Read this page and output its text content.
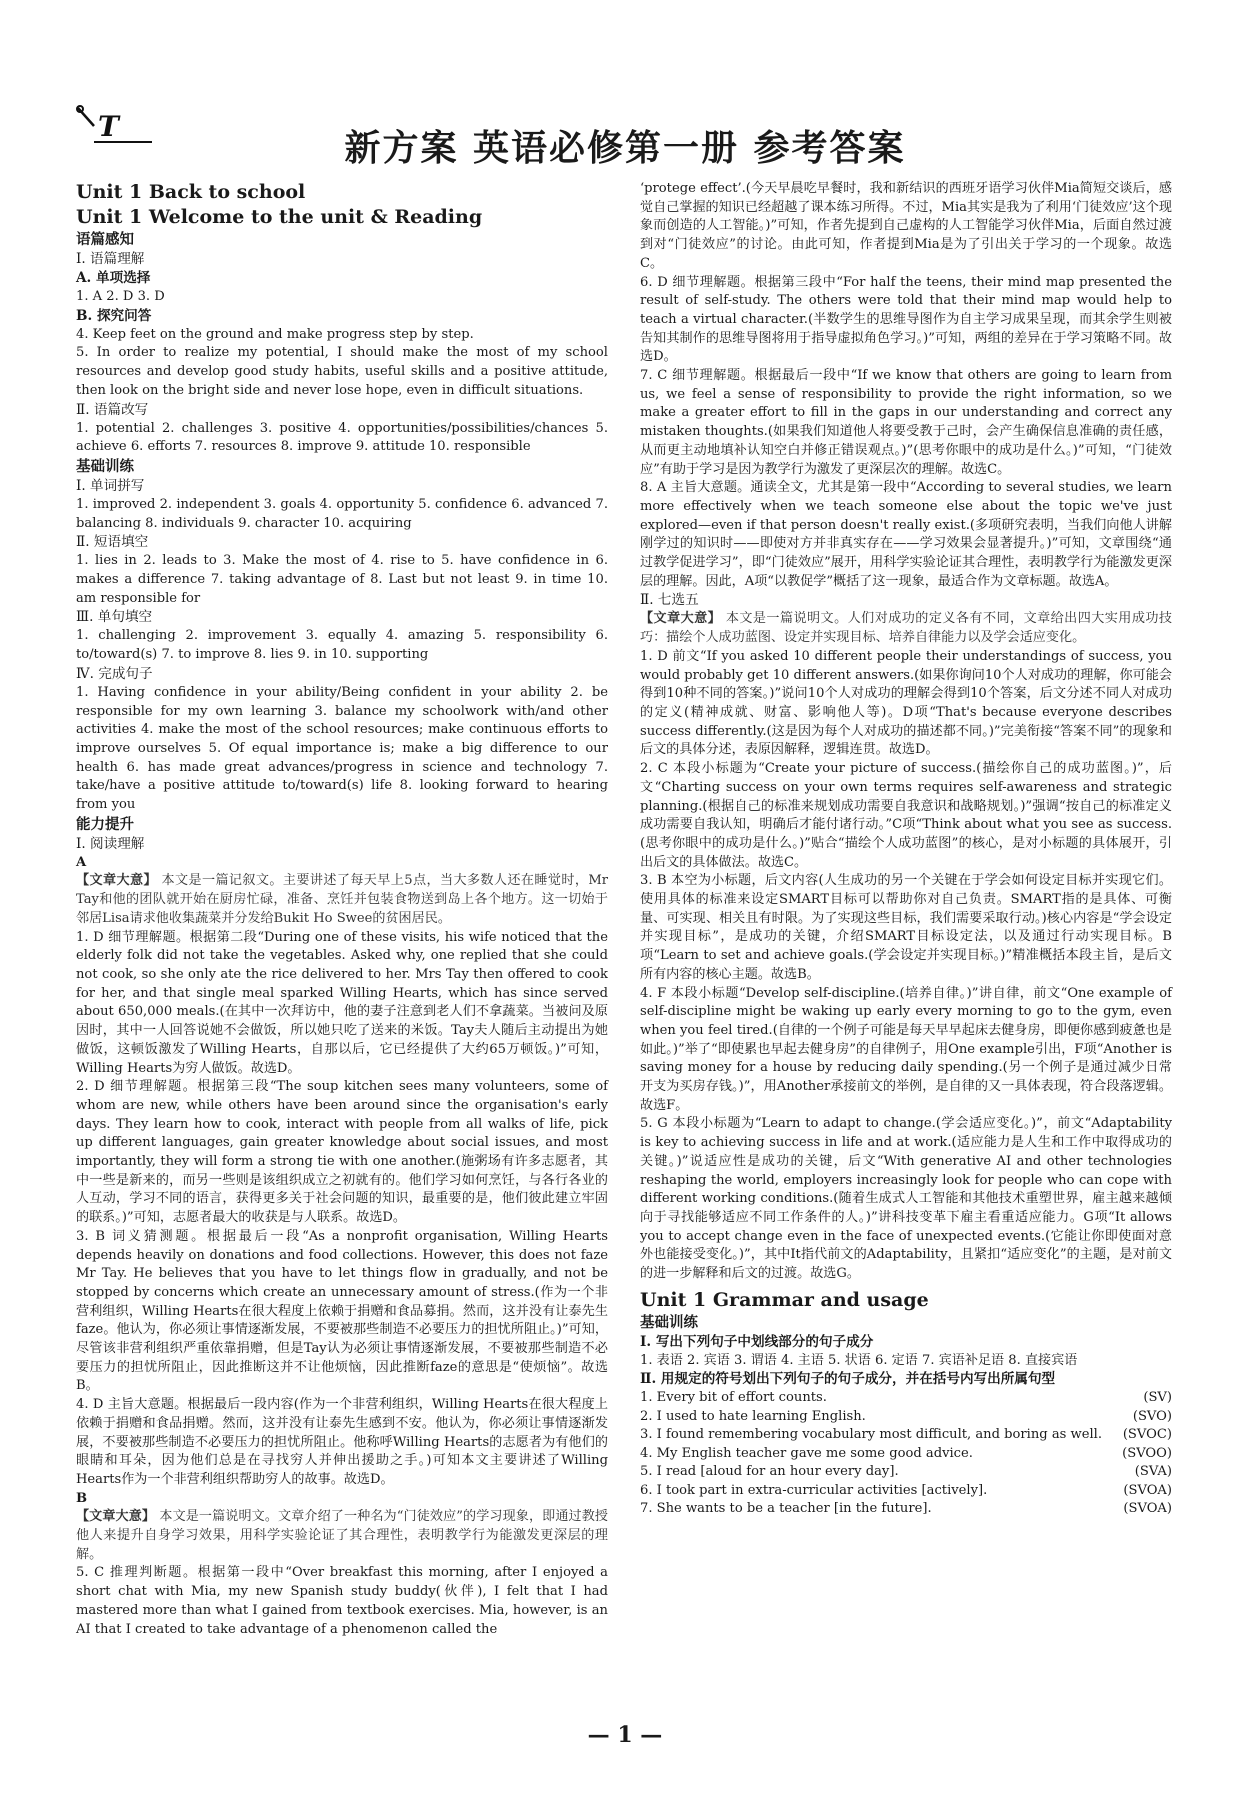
T
新方案 英语必修第一册 参考答案

Unit 1 Back to school

Unit 1 Welcome to the unit & Reading

语篇感知

Ⅰ. 语篇理解

A. 单项选择

1. A 2. D 3. D

B. 探究问答

4. Keep feet on the ground and make progress step by step.

5. In order to realize my potential, I should make the most of my school resources and develop good study habits, useful skills and a positive attitude, then look on the bright side and never lose hope, even in difficult situations.

Ⅱ. 语篇改写

1. potential 2. challenges 3. positive 4. opportunities/possibilities/chances 5. achieve 6. efforts 7. resources 8. improve 9. attitude 10. responsible

基础训练

Ⅰ. 单词拼写

1. improved 2. independent 3. goals 4. opportunity 5. confidence 6. advanced 7. balancing 8. individuals 9. character 10. acquiring

Ⅱ. 短语填空

1. lies in 2. leads to 3. Make the most of 4. rise to 5. have confidence in 6. makes a difference 7. taking advantage of 8. Last but not least 9. in time 10. am responsible for

Ⅲ. 单句填空

1. challenging 2. improvement 3. equally 4. amazing 5. responsibility 6. to/toward(s) 7. to improve 8. lies 9. in 10. supporting

Ⅳ. 完成句子

1. Having confidence in your ability/Being confident in your ability 2. be responsible for my own learning 3. balance my schoolwork with/and other activities 4. make the most of the school resources; make continuous efforts to improve ourselves 5. Of equal importance is; make a big difference to our health 6. has made great advances/progress in science and technology 7. take/have a positive attitude to/toward(s) life 8. looking forward to hearing from you

能力提升

Ⅰ. 阅读理解

A

【文章大意】 本文是一篇记叙文。主要讲述了每天早上5点，当大多数人还在睡觉时，Mr Tay和他的团队就开始在厨房忙碌，准备、烹饪并包装食物送到岛上各个地方。这一切始于邻居Lisa请求他收集蔬菜并分发给Bukit Ho Swee的贫困居民。

1. D 细节理解题。根据第二段“During one of these visits, his wife noticed that the elderly folk did not take the vegetables. Asked why, one replied that she could not cook, so she only ate the rice delivered to her. Mrs Tay then offered to cook for her, and that single meal sparked Willing Hearts, which has since served about 650,000 meals.(在其中一次拜访中，他的妻子注意到老人们不拿蔬菜。当被问及原因时，其中一人回答说她不会做饭，所以她只吃了送来的米饭。Tay夫人随后主动提出为她做饭，这顿饭激发了Willing Hearts，自那以后，它已经提供了大约65万顿饭。)”可知，Willing Hearts为穷人做饭。故选D。

2. D 细节理解题。根据第三段“The soup kitchen sees many volunteers, some of whom are new, while others have been around since the organisation's early days. They learn how to cook, interact with people from all walks of life, pick up different languages, gain greater knowledge about social issues, and most importantly, they will form a strong tie with one another.(施粥场有许多志愿者，其中一些是新来的，而另一些则是该组织成立之初就有的。他们学习如何烹饪，与各行各业的人互动，学习不同的语言，获得更多关于社会问题的知识，最重要的是，他们彼此建立牢固的联系。)”可知，志愿者最大的收获是与人联系。故选D。

3. B 词义猜测题。根据最后一段“As a nonprofit organisation, Willing Hearts depends heavily on donations and food collections. However, this does not faze Mr Tay. He believes that you have to let things flow in gradually, and not be stopped by concerns which create an unnecessary amount of stress.(作为一个非营利组织，Willing Hearts在很大程度上依赖于捐赠和食品募捐。然而，这并没有让泰先生faze。他认为，你必须让事情逐渐发展，不要被那些制造不必要压力的担忧所阻止。)”可知，尽管该非营利组织严重依靠捐赠，但是Tay认为必须让事情逐渐发展，不要被那些制造不必要压力的担忧所阻止，因此推断这并不让他烦恼，因此推断faze的意思是“使烦恼”。故选B。

4. D 主旨大意题。根据最后一段内容(作为一个非营利组织，Willing Hearts在很大程度上依赖于捐赠和食品捐赠。然而，这并没有让泰先生感到不安。他认为，你必须让事情逐渐发展，不要被那些制造不必要压力的担忧所阻止。他称呼Willing Hearts的志愿者为有他们的眼睛和耳朵，因为他们总是在寻找穷人并伸出援助之手。)可知本文主要讲述了Willing Hearts作为一个非营利组织帮助穷人的故事。故选D。

B

【文章大意】 本文是一篇说明文。文章介绍了一种名为“门徒效应”的学习现象，即通过教授他人来提升自身学习效果，用科学实验论证了其合理性，表明教学行为能激发更深层的理解。

5. C 推理判断题。根据第一段中“Over breakfast this morning, after I enjoyed a short chat with Mia, my new Spanish study buddy(伙伴), I felt that I had mastered more than what I gained from textbook exercises. Mia, however, is an AI that I created to take advantage of a phenomenon called the

‘protege effect’.(今天早晨吃早餐时，我和新结识的西班牙语学习伙伴Mia简短交谈后，感觉自己掌握的知识已经超越了课本练习所得。不过，Mia其实是我为了利用‘门徒效应’这个现象而创造的人工智能。)”可知，作者先提到自己虚构的人工智能学习伙伴Mia，后面自然过渡到对“门徒效应”的讨论。由此可知，作者提到Mia是为了引出关于学习的一个现象。故选C。

6. D 细节理解题。根据第三段中“For half the teens, their mind map presented the result of self-study. The others were told that their mind map would help to teach a virtual character.(半数学生的思维导图作为自主学习成果呈现，而其余学生则被告知其制作的思维导图将用于指导虚拟角色学习。)”可知，两组的差异在于学习策略不同。故选D。

7. C 细节理解题。根据最后一段中“If we know that others are going to learn from us, we feel a sense of responsibility to provide the right information, so we make a greater effort to fill in the gaps in our understanding and correct any mistaken thoughts.(如果我们知道他人将要受教于己时，会产生确保信息准确的责任感，从而更主动地填补认知空白并修正错误观点。)”(思考你眼中的成功是什么。)”可知，“门徒效应”有助于学习是因为教学行为激发了更深层次的理解。故选C。

8. A 主旨大意题。通读全文，尤其是第一段中“According to several studies, we learn more effectively when we teach someone else about the topic we've just explored—even if that person doesn't really exist.(多项研究表明，当我们向他人讲解刚学过的知识时——即使对方并非真实存在——学习效果会显著提升。)”可知，文章围绕“通过教学促进学习”，即“门徒效应”展开，用科学实验论证其合理性，表明教学行为能激发更深层的理解。因此，A项“以教促学”概括了这一现象，最适合作为文章标题。故选A。

Ⅱ. 七选五

【文章大意】 本文是一篇说明文。人们对成功的定义各有不同，文章给出四大实用成功技巧：描绘个人成功蓝图、设定并实现目标、培养自律能力以及学会适应变化。

1. D 前文“If you asked 10 different people their understandings of success, you would probably get 10 different answers.(如果你询问10个人对成功的理解，你可能会得到10种不同的答案。)”说问10个人对成功的理解会得到10个答案，后文分述不同人对成功的定义(精神成就、财富、影响他人等)。D项“That's because everyone describes success differently.(这是因为每个人对成功的描述都不同。)”完美衔接“答案不同”的现象和后文的具体分述，表原因解释，逻辑连贯。故选D。

2. C 本段小标题为“Create your picture of success.(描绘你自己的成功蓝图。)”，后文“Charting success on your own terms requires self-awareness and strategic planning.(根据自己的标准来规划成功需要自我意识和战略规划。)”强调“按自己的标准定义成功需要自我认知，明确后才能付诸行动。”C项“Think about what you see as success.(思考你眼中的成功是什么。)”贴合“描绘个人成功蓝图”的核心，是对小标题的具体展开，引出后文的具体做法。故选C。

3. B 本空为小标题，后文内容(人生成功的另一个关键在于学会如何设定目标并实现它们。使用具体的标准来设定SMART目标可以帮助你对自己负责。SMART指的是具体、可衡量、可实现、相关且有时限。为了实现这些目标，我们需要采取行动。)核心内容是“学会设定并实现目标”，是成功的关键，介绍SMART目标设定法，以及通过行动实现目标。B项“Learn to set and achieve goals.(学会设定并实现目标。)”精准概括本段主旨，是后文所有内容的核心主题。故选B。

4. F 本段小标题“Develop self-discipline.(培养自律。)”讲自律，前文“One example of self-discipline might be waking up early every morning to go to the gym, even when you feel tired.(自律的一个例子可能是每天早早起床去健身房，即便你感到疲惫也是如此。)”举了“即使累也早起去健身房”的自律例子，用One example引出，F项“Another is saving money for a house by reducing daily spending.(另一个例子是通过减少日常开支为买房存钱。)”，用Another承接前文的举例，是自律的又一具体表现，符合段落逻辑。故选F。

5. G 本段小标题为“Learn to adapt to change.(学会适应变化。)”，前文“Adaptability is key to achieving success in life and at work.(适应能力是人生和工作中取得成功的关键。)”说适应性是成功的关键，后文“With generative AI and other technologies reshaping the world, employers increasingly look for people who can cope with different working conditions.(随着生成式人工智能和其他技术重塑世界，雇主越来越倾向于寻找能够适应不同工作条件的人。)”讲科技变革下雇主看重适应能力。G项“It allows you to accept change even in the face of unexpected events.(它能让你即使面对意外也能接受变化。)”，其中It指代前文的Adaptability，且紧扣“适应变化”的主题，是对前文的进一步解释和后文的过渡。故选G。

Unit 1 Grammar and usage

基础训练

Ⅰ. 写出下列句子中划线部分的句子成分

1. 表语 2. 宾语 3. 谓语 4. 主语 5. 状语 6. 定语 7. 宾语补足语 8. 直接宾语

Ⅱ. 用规定的符号划出下列句子的句子成分，并在括号内写出所属句型

1. Every bit of effort counts.	(SV)
2. I used to hate learning English.	(SVO)
3. I found remembering vocabulary most difficult, and boring as well.	(SVOC)
4. My English teacher gave me some good advice.	(SVOO)
5. I read [aloud for an hour every day].	(SVA)
6. I took part in extra-curricular activities [actively].	(SVOA)
7. She wants to be a teacher [in the future].	(SVOA)
— 1 —
